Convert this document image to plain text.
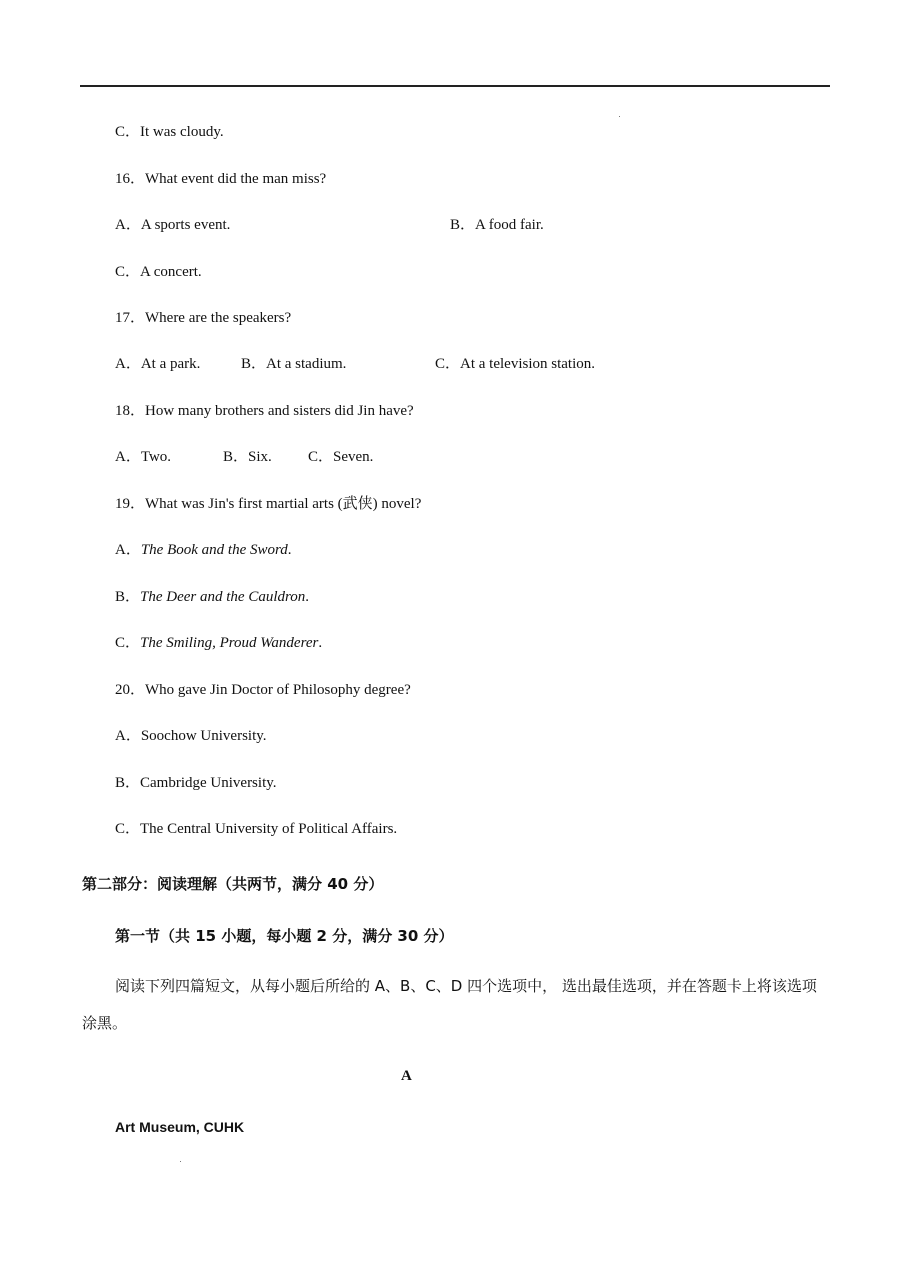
C．It was cloudy.
16．What event did the man miss?
A．A sports event.	B．A food fair.
C．A concert.
17．Where are the speakers?
A．At a park.	B．At a stadium.	C．At a television station.
18．How many brothers and sisters did Jin have?
A．Two.	B．Six. C．Seven.
19．What was Jin's first martial arts (武侠) novel?
A．The Book and the Sword.
B．The Deer and the Cauldron.
C．The Smiling, Proud Wanderer.
20．Who gave Jin Doctor of Philosophy degree?
A．Soochow University.
B．Cambridge University.
C．The Central University of Political Affairs.
第二部分：阅读理解（共两节，满分 40 分）
第一节（共 15 小题，每小题 2 分，满分 30 分）
阅读下列四篇短文，从每小题后所给的 A、B、C、D 四个选项中， 选出最佳选项，并在答题卡上将该选项涂黑。
A
Art Museum, CUHK
